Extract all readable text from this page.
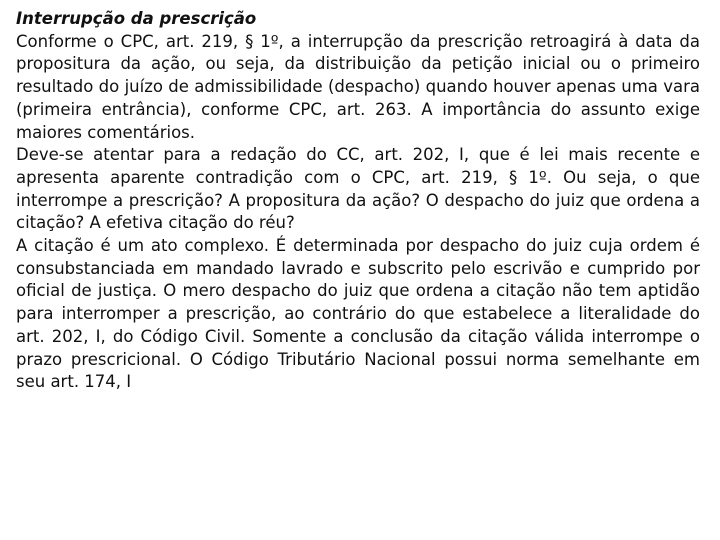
Interrupção da prescrição

Conforme o CPC, art. 219, § 1º, a interrupção da prescrição retroagirá à data da propositura da ação, ou seja, da distribuição da petição inicial ou o primeiro resultado do juízo de admissibilidade (despacho) quando houver apenas uma vara (primeira entrância), conforme CPC, art. 263. A importância do assunto exige maiores comentários.

Deve-se atentar para a redação do CC, art. 202, I, que é lei mais recente e apresenta aparente contradição com o CPC, art. 219, § 1º. Ou seja, o que interrompe a prescrição? A propositura da ação? O despacho do juiz que ordena a citação? A efetiva citação do réu?

A citação é um ato complexo. É determinada por despacho do juiz cuja ordem é consubstanciada em mandado lavrado e subscrito pelo escrivão e cumprido por oficial de justiça. O mero despacho do juiz que ordena a citação não tem aptidão para interromper a prescrição, ao contrário do que estabelece a literalidade do art. 202, I, do Código Civil. Somente a conclusão da citação válida interrompe o prazo prescricional. O Código Tributário Nacional possui norma semelhante em seu art. 174, I
